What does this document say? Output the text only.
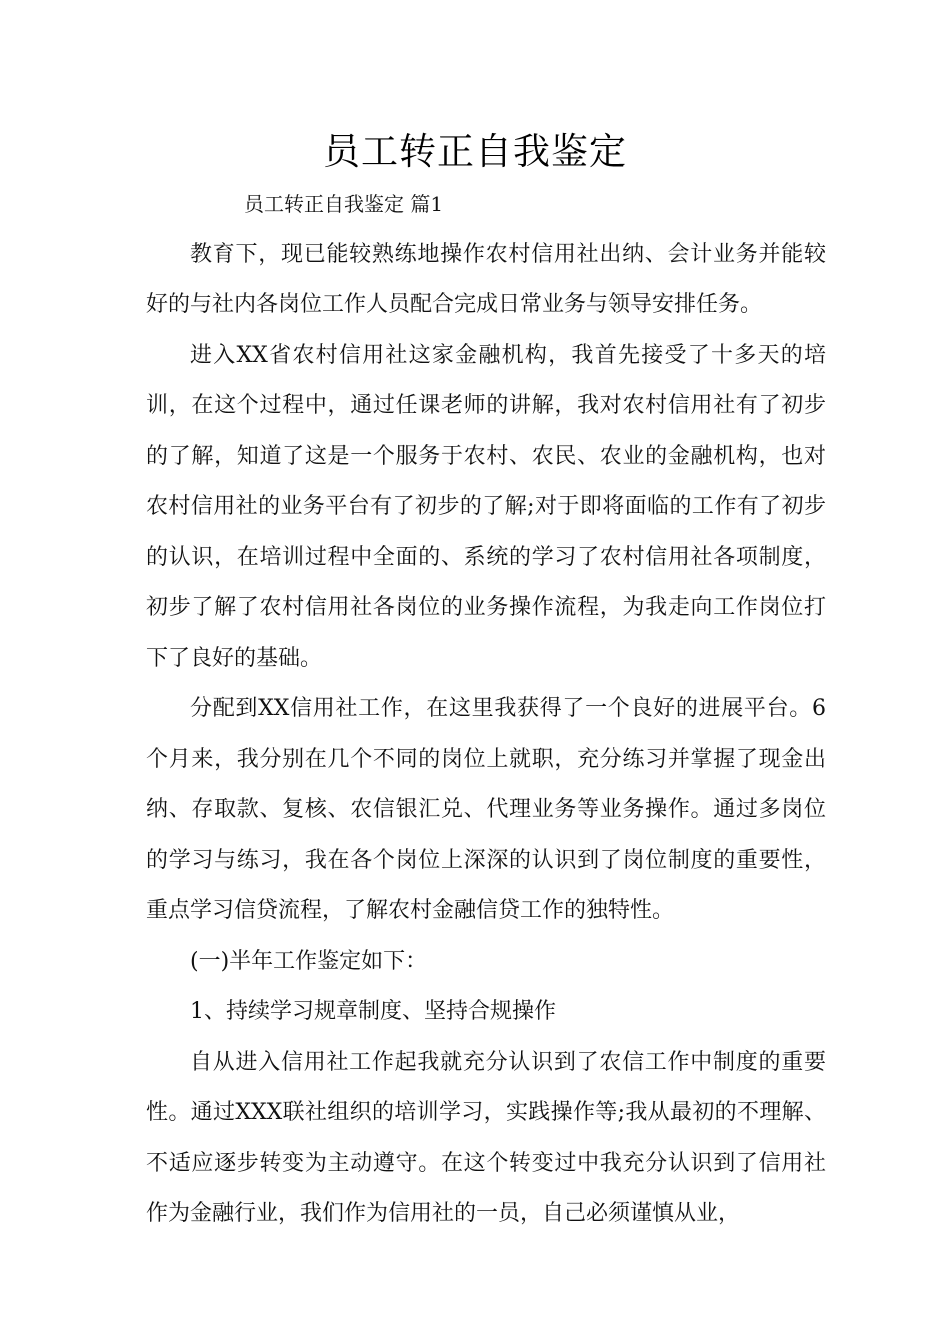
员工转正自我鉴定

员工转正自我鉴定 篇1

教育下，现已能较熟练地操作农村信用社出纳、会计业务并能较好的与社内各岗位工作人员配合完成日常业务与领导安排任务。

进入XX省农村信用社这家金融机构，我首先接受了十多天的培训，在这个过程中，通过任课老师的讲解，我对农村信用社有了初步的了解，知道了这是一个服务于农村、农民、农业的金融机构，也对农村信用社的业务平台有了初步的了解;对于即将面临的工作有了初步的认识，在培训过程中全面的、系统的学习了农村信用社各项制度，初步了解了农村信用社各岗位的业务操作流程，为我走向工作岗位打下了良好的基础。

分配到XX信用社工作，在这里我获得了一个良好的进展平台。6个月来，我分别在几个不同的岗位上就职，充分练习并掌握了现金出纳、存取款、复核、农信银汇兑、代理业务等业务操作。通过多岗位的学习与练习，我在各个岗位上深深的认识到了岗位制度的重要性，重点学习信贷流程，了解农村金融信贷工作的独特性。

(一)半年工作鉴定如下：

1、持续学习规章制度、坚持合规操作

自从进入信用社工作起我就充分认识到了农信工作中制度的重要性。通过XXX联社组织的培训学习，实践操作等;我从最初的不理解、不适应逐步转变为主动遵守。在这个转变过中我充分认识到了信用社作为金融行业，我们作为信用社的一员，自己必须谨慎从业，
